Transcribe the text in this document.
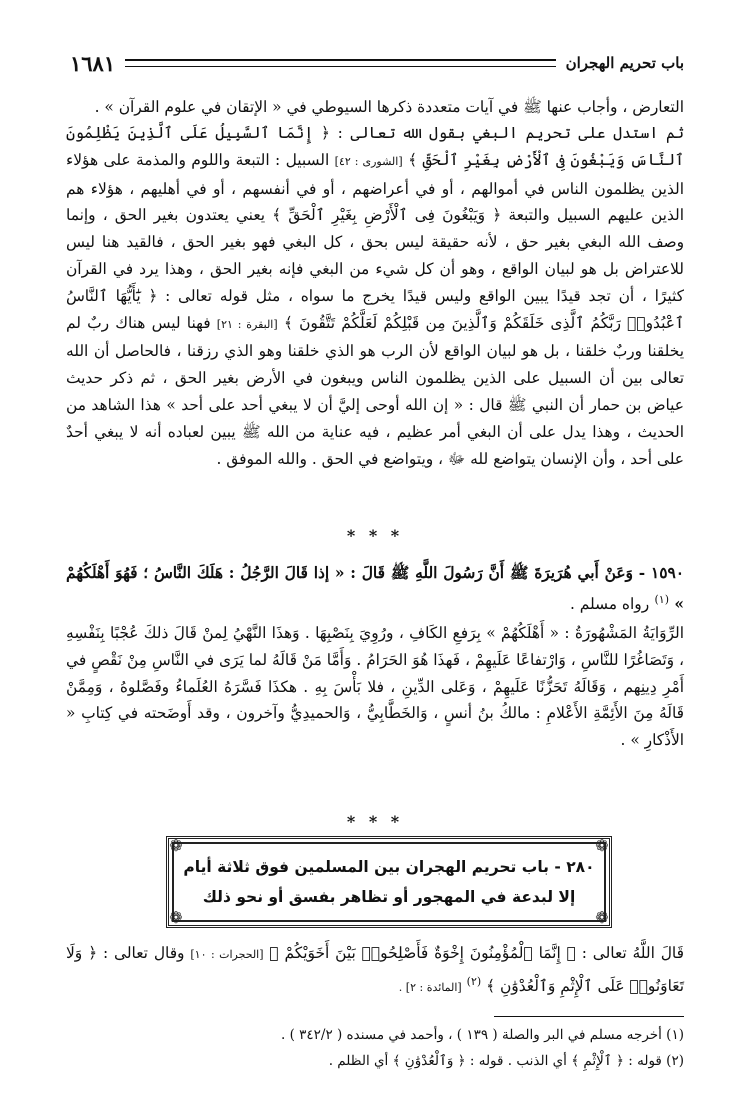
باب تحريم الهجران
١٦٨١

التعارض ، وأجاب عنها ﷺ في آيات متعددة ذكرها السيوطي في « الإتقان في علوم القرآن » .

ثم استدل على تحريم البغي بقول الله تعالى : ﴿ إِنَّمَا ٱلسَّبِيلُ عَلَى ٱلَّذِينَ يَظْلِمُونَ ٱلنَّاسَ وَيَبْغُونَ فِى ٱلْأَرْضِ بِغَيْرِ ٱلْحَقِّ ﴾ [الشورى : ٤٢] السبيل : التبعة واللوم والمذمة على هؤلاء الذين يظلمون الناس في أموالهم ، أو في أعراضهم ، أو في أنفسهم ، أو في أهليهم ، هؤلاء هم الذين عليهم السبيل والتبعة ﴿ وَيَبْغُونَ فِى ٱلْأَرْضِ بِغَيْرِ ٱلْحَقِّ ﴾ يعني يعتدون بغير الحق ، وإنما وصف الله البغي بغير حق ، لأنه حقيقة ليس بحق ، كل البغي فهو بغير الحق ، فالقيد هنا ليس للاعتراض بل هو لبيان الواقع ، وهو أن كل شيء من البغي فإنه بغير الحق ، وهذا يرد في القرآن كثيرًا ، أن تجد قيدًا يبين الواقع وليس قيدًا يخرج ما سواه ، مثل قوله تعالى : ﴿ يَٰٓأَيُّهَا ٱلنَّاسُ ٱعْبُدُوا۟ رَبَّكُمُ ٱلَّذِى خَلَقَكُمْ وَٱلَّذِينَ مِن قَبْلِكُمْ لَعَلَّكُمْ تَتَّقُونَ ﴾ [البقرة : ٢١] فهنا ليس هناك ربٌ لم يخلقنا وربٌ خلقنا ، بل هو لبيان الواقع لأن الرب هو الذي خلقنا وهو الذي رزقنا ، فالحاصل أن الله تعالى بين أن السبيل على الذين يظلمون الناس ويبغون في الأرض بغير الحق ، ثم ذكر حديث عياض بن حمار أن النبي ﷺ قال : « إن الله أوحى إليَّ أن لا يبغي أحد على أحد » هذا الشاهد من الحديث ، وهذا يدل على أن البغي أمر عظيم ، فيه عناية من الله ﷺ يبين لعباده أنه لا يبغي أحدٌ على أحد ، وأن الإنسان يتواضع لله ﷻ ، ويتواضع في الحق . والله الموفق .

* * *

١٥٩٠ - وَعَنْ أَبي هُرَيرَةَ ﷺ أَنَّ رَسُولَ اللَّهِ ﷺ قَالَ : « إذا قَالَ الرَّجُلُ : هَلَكَ النَّاسُ ؛ فَهُوَ أَهْلَكُهُمْ » $^{(١)}$ رواه مسلم .

الرِّوَايَةُ المَشْهُورَةُ : « أَهْلَكُهُمْ » بِرَفعِ الكَافِ ، ورُوِيَ بِنَصْبِهَا . وَهذَا النَّهْيُ لِمنْ قَالَ ذلكَ عُجْبًا بِنَفْسِهِ ، وَتَصَاغُرًا للنَّاسِ ، وَارْتفاعًا عَلَيهِمْ ، فَهذَا هُوَ الحَرَامُ . وَأَمَّا مَنْ قَالَهُ لما يَرَى في النَّاسِ مِنْ نَقْصٍ في أَمْرِ دِينِهم ، وَقَالَهُ تَحَزُّنًا عَلَيهِمْ ، وَعَلى الدِّينِ ، فلا بَأْسَ بِهِ . هكذَا فَسَّرَهُ العُلَماءُ وفَصَّلوهُ ، وَمِمَّنْ قَالَهُ مِنَ الأَئِمَّةِ الأَعْلامِ : مالكُ بنُ أنسٍ ، وَالخَطَّابِيُّ ، وَالحميدِيُّ وآخرون ، وقد أَوضَحته في كِتابِ « الأَذْكارِ » .

* * *
❁	❁
❁	❁
٢٨٠ - باب تحريم الهجران بين المسلمين فوق ثلاثة أيام
إلا لبدعة في المهجور أو تظاهر بفسق أو نحو ذلك

قَالَ اللَّهُ تعالى : ﴿ إِنَّمَا ٱلْمُؤْمِنُونَ إِخْوَةٌ فَأَصْلِحُوا۟ بَيْنَ أَخَوَيْكُمْ ﴾ [الحجرات : ١٠] وقال تعالى : ﴿ وَلَا تَعَاوَنُوا۟ عَلَى ٱلْإِثْمِ وَٱلْعُدْوَٰنِ ﴾ $^{(٢)}$ [المائدة : ٢] .

(١) أخرجه مسلم في البر والصلة ( ١٣٩ ) ، وأحمد في مسنده ( ٣٤٢/٢ ) .

(٢) قوله : ﴿ ٱلْإِثْمِ ﴾ أي الذنب . قوله : ﴿ وَٱلْعُدْوَٰنِ ﴾ أي الظلم .
